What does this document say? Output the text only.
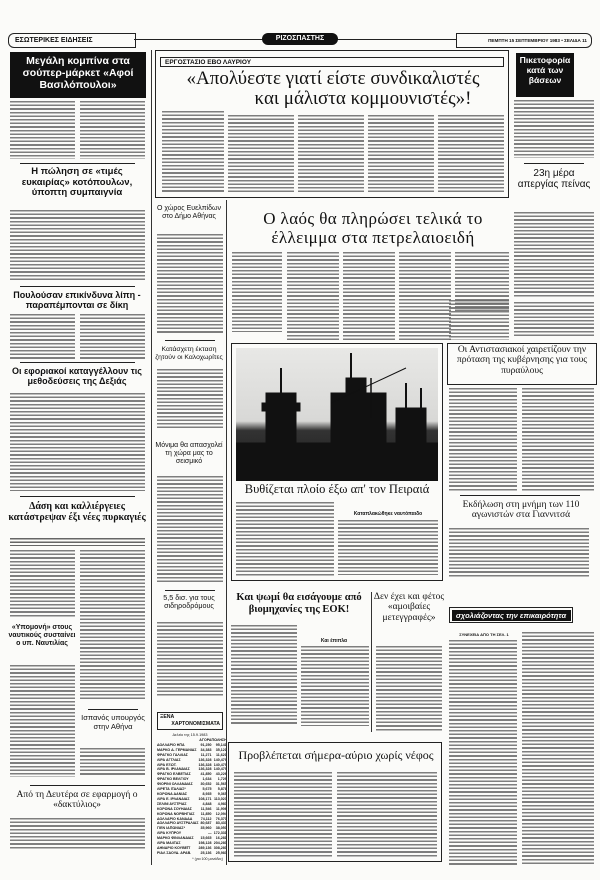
ΕΣΩΤΕΡΙΚΕΣ ΕΙΔΗΣΕΙΣ	ΡΙΖΟΣΠΑΣΤΗΣ	ΠΕΜΠΤΗ 15 ΣΕΠΤΕΜΒΡΙΟΥ 1983 • ΣΕΛΙΔΑ 11
Μεγάλη κομπίνα στα σούπερ-μάρκετ «Αφοί Βασιλόπουλοι»
Η πώληση σε «τιμές ευκαιρίας» κοτόπουλων, ύποπτη συμπαιγνία
Πουλούσαν επικίνδυνα λίπη - παραπέμπονται σε δίκη
Οι εφοριακοί καταγγέλλουν τις μεθοδεύσεις της Δεξιάς
Δάση και καλλιέργειες κατάστρεψαν έξι νέες πυρκαγιές
«Υπομονή» στους ναυτικούς συσταίνει ο υπ. Ναυτιλίας
Ισπανός υπουργός στην Αθήνα
Από τη Δευτέρα σε εφαρμογή ο «δακτύλιος»
ΕΡΓΟΣΤΑΣΙΟ ΕΒΟ ΛΑΥΡΙΟΥ
«Απολύεστε γιατί είστε συνδικαλιστές
και μάλιστα κομμουνιστές»!
Ο χώρος Ευελπίδων στο Δήμο Αθήνας
Κατάσχετη έκταση ζητούν οι Καλοχωρίτες
Μόνιμα θα απασχολεί τη χώρα μας το σεισμικό
5,5 δισ. για τους σιδηροδρόμους
ΞΕΝΑ
ΧΑΡΤΟΝΟΜΙΣΜΑΤΑ
Δελτίο της 15.9.1983
	ΑΓΟΡΑ	ΠΩΛΗΣΗ
ΔΟΛΛΑΡΙΟ ΗΠΑ	91,250	95,141
ΜΑΡΚΟ Δ. ΓΕΡΜΑΝΙΑΣ	34,383	35,121
ΦΡΑΓΚΟ ΓΑΛΛΙΑΣ	11,271	11,621
ΛΙΡΑ ΑΓΓΛΙΑΣ	136,328	140,479
ΛΙΡΑ ΕΞΩΤ.	136,328	140,479
ΛΙΡΑ Β. ΙΡΛΑΝΔΙΑΣ	136,328	140,479
ΦΡΑΓΚΟ ΕΛΒΕΤΙΑΣ	41,850	43,226
ΦΡΑΓΚΟ ΒΕΛΓΙΟΥ	1,634	1,729
ΦΙΟΡΙΝΙ ΟΛΛΑΝΔΙΑΣ	30,652	31,565
ΛΙΡΕΤΑ ΙΤΑΛΙΑΣ*	5,675	5,878
ΚΟΡΩΝΑ ΔΑΝΙΑΣ	8,935	9,365
ΛΙΡΑ Ε. ΙΡΛΑΝΔΙΑΣ	108,171	113,023
ΣΕΛΙΝΙ ΑΥΣΤΡΙΑΣ	4,848	4,983
ΚΟΡΩΝΑ ΣΟΥΗΔΙΑΣ	11,546	11,906
ΚΟΡΩΝΑ ΝΟΡΒΗΓΙΑΣ	11,850	12,094
ΔΟΛΛΑΡΙΟ ΚΑΝΑΔΑ	74,112	76,370
ΔΟΛΛΑΡΙΟ ΑΥΣΤΡΑΛΙΑΣ	80,687	83,433
ΓΙΕΝ ΙΑΠΩΝΙΑΣ*	35,960	38,050
ΛΙΡΑ ΚΥΠΡΟΥ	—	172,331
ΜΑΡΚΟ ΦΙΝΛΑΝΔΙΑΣ	15,665	16,281
ΛΙΡΑ ΜΑΛΤΑΣ	198,128	204,280
ΔΗΝΑΡΙΟ ΚΟΥΒΕΪΤ	289,136	308,280
ΡΙΑΛ ΣΑΟΥΔ. ΑΡΑΒ.	25,136	25,983
* (για 100 μονάδες)
Ο λαός θα πληρώσει τελικά το έλλειμμα στα πετρελαιοειδή
Βυθίζεται πλοίο έξω απ' τον Πειραιά
Καταπλακώθηκε ναυτόπαιδο
Και ψωμί θα εισάγουμε από βιομηχανίες της ΕΟΚ!
Και έπιπλα
Δεν έχει και φέτος «αμοιβαίες μετεγγραφές»
Προβλέπεται σήμερα-αύριο χωρίς νέφος
Πικετοφορία κατά των βάσεων
23η μέρα απεργίας πείνας
Οι Αντιστασιακοί χαιρετίζουν την πρόταση της κυβέρνησης για τους πυραύλους
Εκδήλωση στη μνήμη των 110 αγωνιστών στα Γιαννιτσά
σχολιάζοντας την επικαιρότητα
ΣΥΝΕΧΕΙΑ ΑΠΟ ΤΗ ΣΕΛ. 1
